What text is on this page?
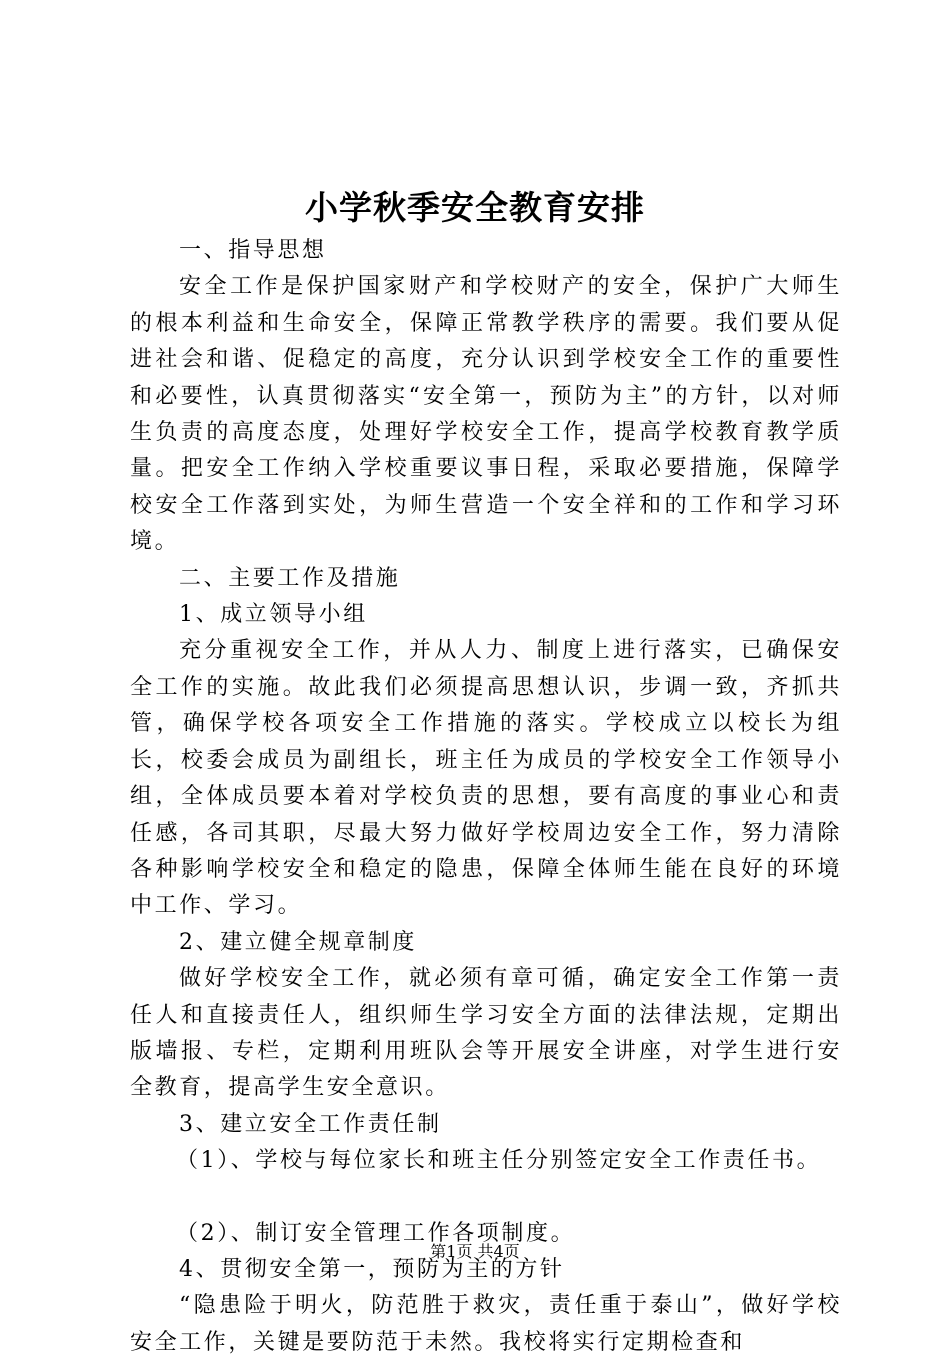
小学秋季安全教育安排

一、指导思想

安全工作是保护国家财产和学校财产的安全，保护广大师生的根本利益和生命安全，保障正常教学秩序的需要。我们要从促进社会和谐、促稳定的高度，充分认识到学校安全工作的重要性和必要性，认真贯彻落实“安全第一，预防为主”的方针，以对师生负责的高度态度，处理好学校安全工作，提高学校教育教学质量。把安全工作纳入学校重要议事日程，采取必要措施，保障学校安全工作落到实处，为师生营造一个安全祥和的工作和学习环境。

二、主要工作及措施

1、成立领导小组

充分重视安全工作，并从人力、制度上进行落实，已确保安全工作的实施。故此我们必须提高思想认识，步调一致，齐抓共管，确保学校各项安全工作措施的落实。学校成立以校长为组长，校委会成员为副组长，班主任为成员的学校安全工作领导小组，全体成员要本着对学校负责的思想，要有高度的事业心和责任感，各司其职，尽最大努力做好学校周边安全工作，努力清除各种影响学校安全和稳定的隐患，保障全体师生能在良好的环境中工作、学习。

2、建立健全规章制度

做好学校安全工作，就必须有章可循，确定安全工作第一责任人和直接责任人，组织师生学习安全方面的法律法规，定期出版墙报、专栏，定期利用班队会等开展安全讲座，对学生进行安全教育，提高学生安全意识。

3、建立安全工作责任制

（1）、学校与每位家长和班主任分别签定安全工作责任书。

（2）、制订安全管理工作各项制度。

4、贯彻安全第一，预防为主的方针

“隐患险于明火，防范胜于救灾，责任重于泰山”，做好学校安全工作，关键是要防范于未然。我校将实行定期检查和

第1页 共4页
